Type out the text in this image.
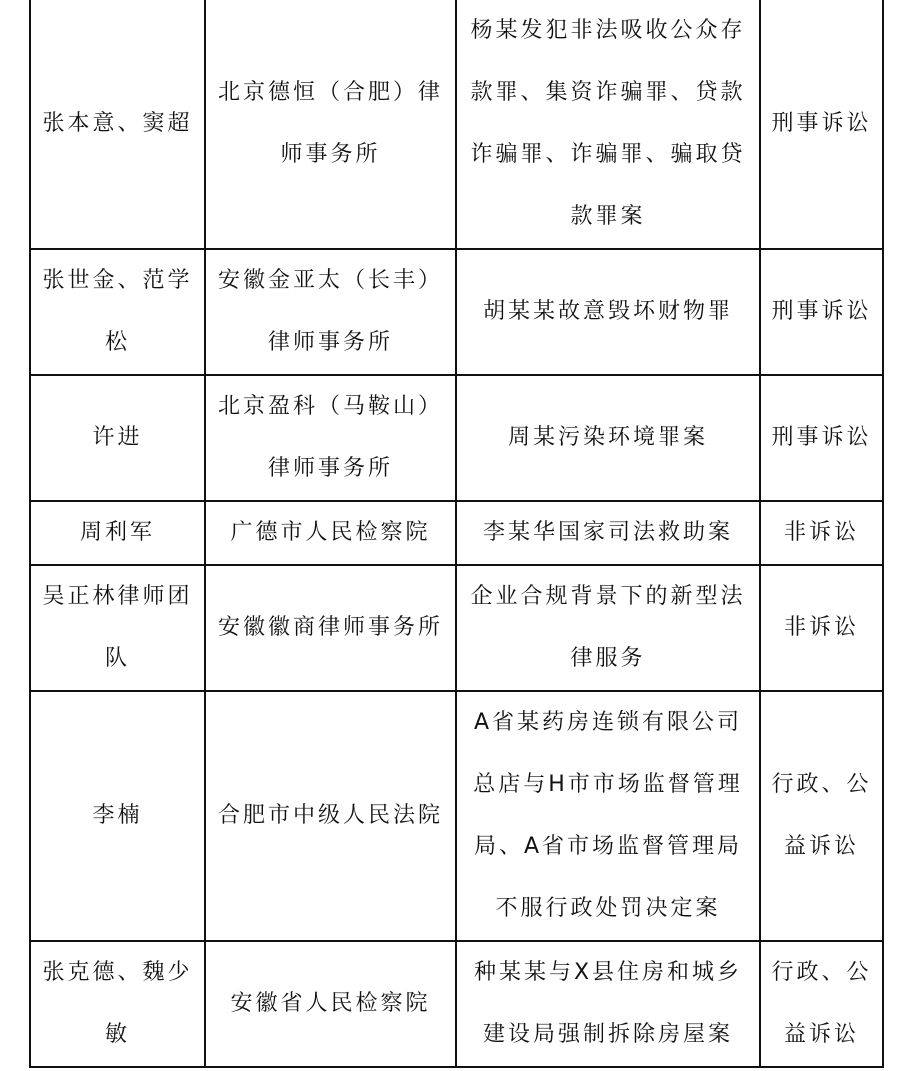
张本意、窦超	北京德恒（合肥）律师事务所	杨某发犯非法吸收公众存款罪、集资诈骗罪、贷款诈骗罪、诈骗罪、骗取贷款罪案	刑事诉讼
张世金、范学松	安徽金亚太（长丰）律师事务所	胡某某故意毁坏财物罪	刑事诉讼
许进	北京盈科（马鞍山）律师事务所	周某污染环境罪案	刑事诉讼
周利军	广德市人民检察院	李某华国家司法救助案	非诉讼
吴正林律师团队	安徽徽商律师事务所	企业合规背景下的新型法律服务	非诉讼
李楠	合肥市中级人民法院	A省某药房连锁有限公司总店与H市市场监督管理局、A省市场监督管理局不服行政处罚决定案	行政、公益诉讼
张克德、魏少敏	安徽省人民检察院	种某某与X县住房和城乡建设局强制拆除房屋案	行政、公益诉讼
